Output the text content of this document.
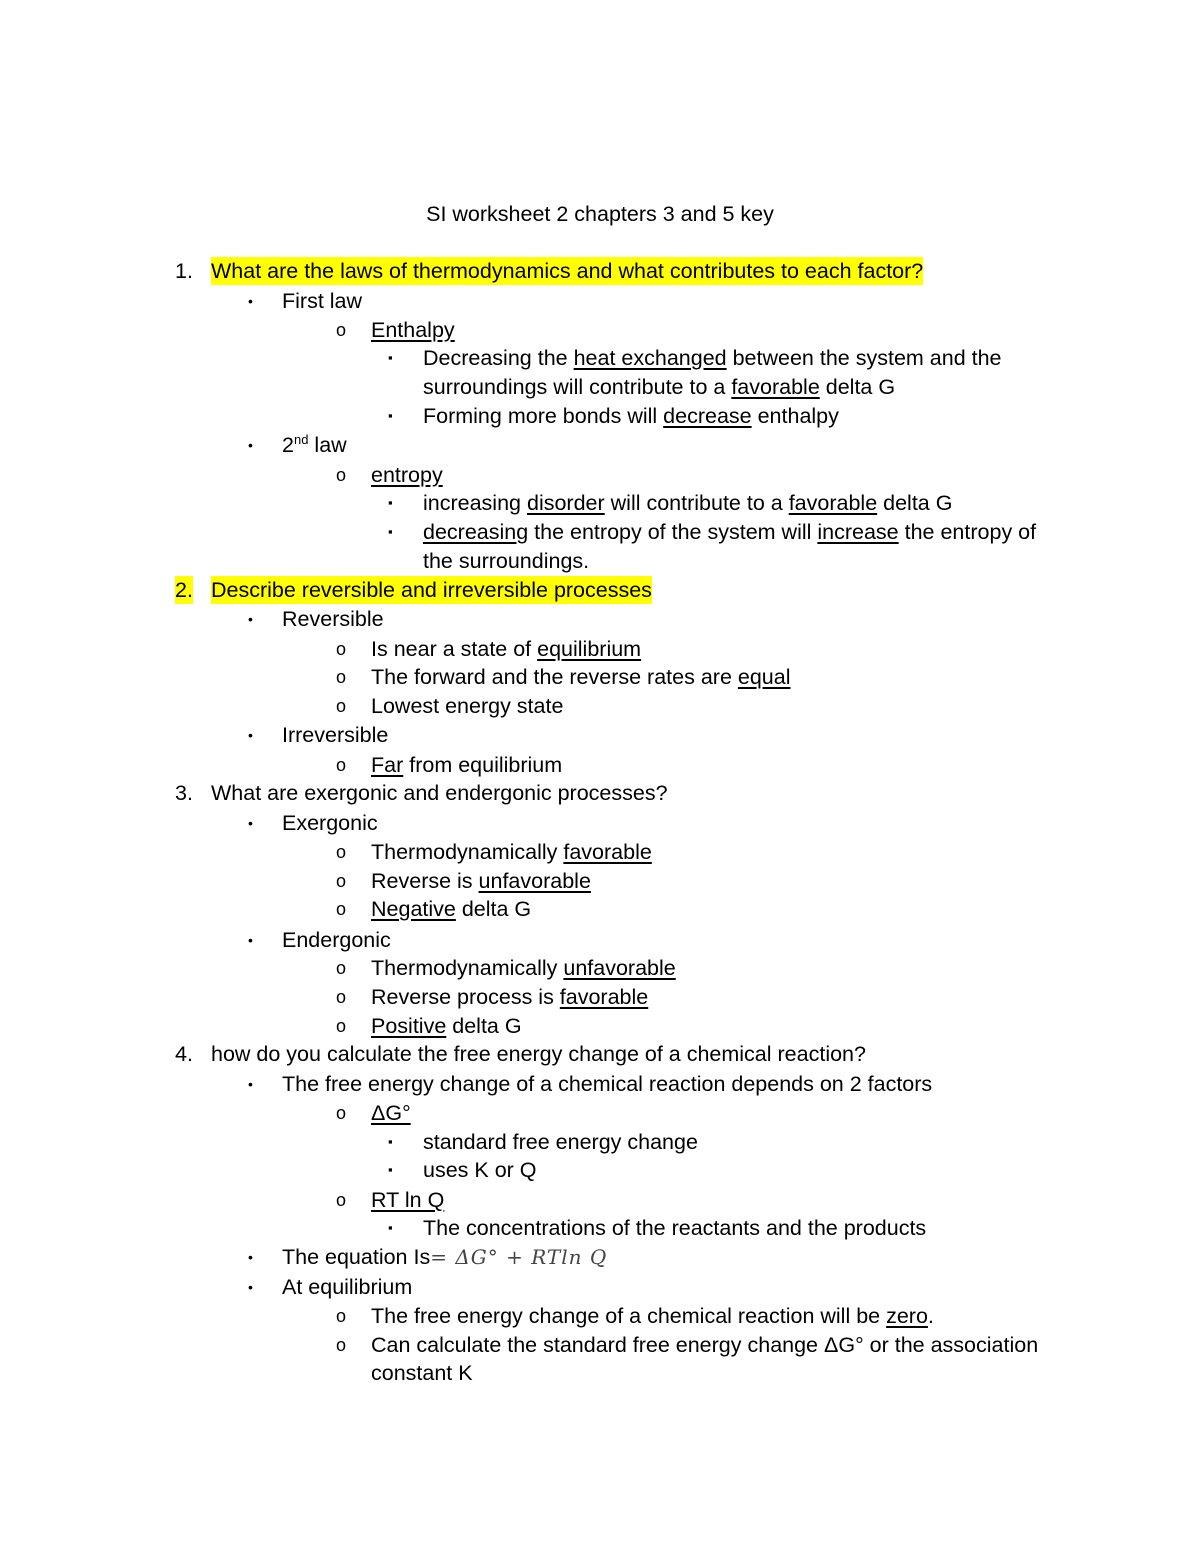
SI worksheet 2 chapters 3 and 5 key
1. What are the laws of thermodynamics and what contributes to each factor?
• First law
o Enthalpy
▪ Decreasing the heat exchanged between the system and the
surroundings will contribute to a favorable delta G
▪ Forming more bonds will decrease enthalpy
• 2nd law
o entropy
▪ increasing disorder will contribute to a favorable delta G
▪ decreasing the entropy of the system will increase the entropy of
the surroundings.
2. Describe reversible and irreversible processes
• Reversible
o Is near a state of equilibrium
o The forward and the reverse rates are equal
o Lowest energy state
• Irreversible
o Far from equilibrium
3. What are exergonic and endergonic processes?
• Exergonic
o Thermodynamically favorable
o Reverse is unfavorable
o Negative delta G
• Endergonic
o Thermodynamically unfavorable
o Reverse process is favorable
o Positive delta G
4. how do you calculate the free energy change of a chemical reaction?
• The free energy change of a chemical reaction depends on 2 factors
o ΔG°
▪ standard free energy change
▪ uses K or Q
o RT ln Q
▪ The concentrations of the reactants and the products
• The equation Is= ΔG° + RTln Q
• At equilibrium
o The free energy change of a chemical reaction will be zero.
o Can calculate the standard free energy change ΔG° or the association
constant K
